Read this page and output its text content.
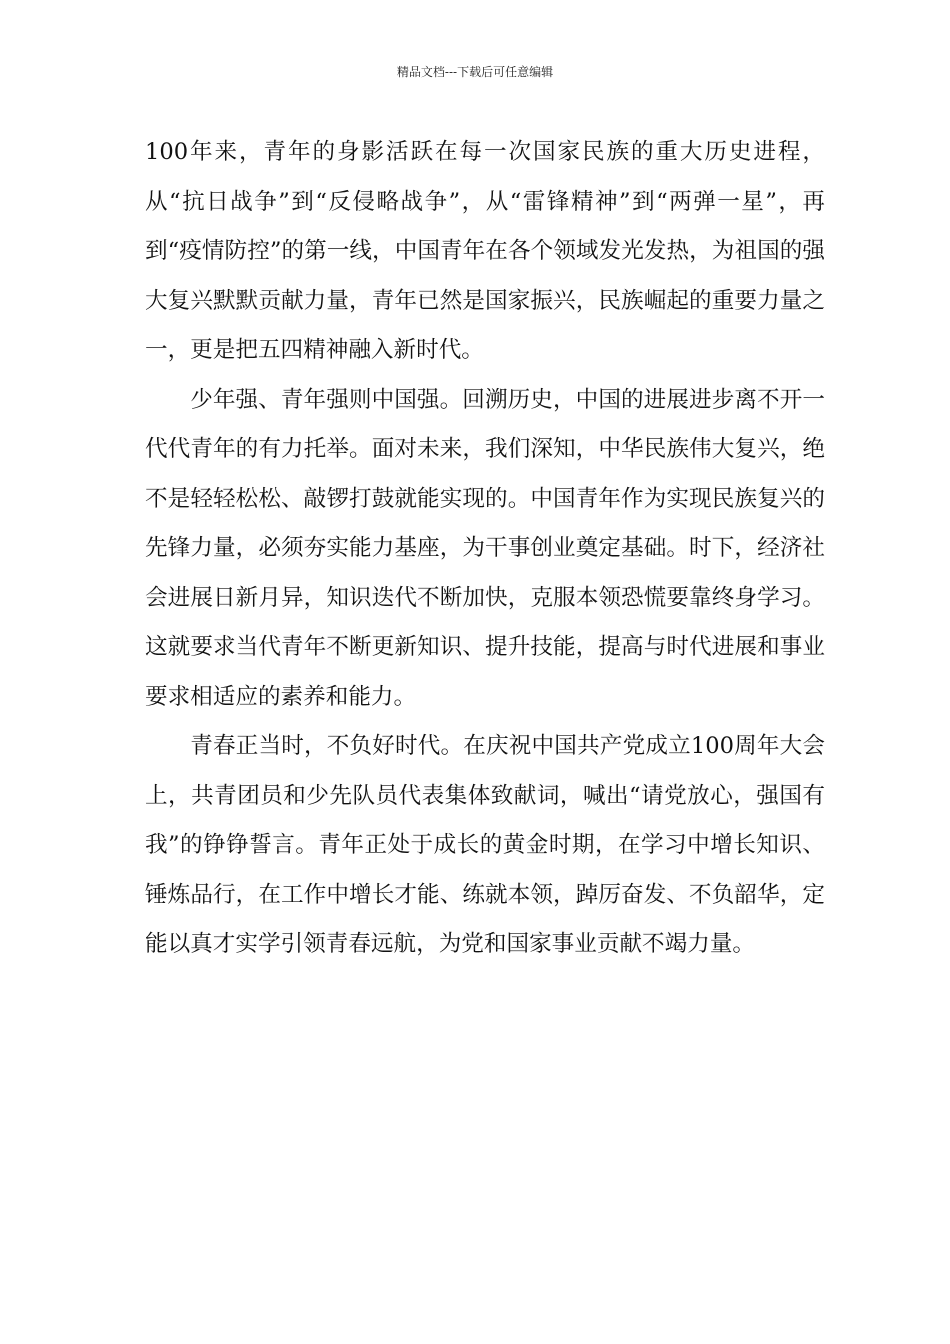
精品文档---下载后可任意编辑

100年来，青年的身影活跃在每一次国家民族的重大历史进程，从“抗日战争”到“反侵略战争”，从“雷锋精神”到“两弹一星”，再到“疫情防控”的第一线，中国青年在各个领域发光发热，为祖国的强大复兴默默贡献力量，青年已然是国家振兴，民族崛起的重要力量之一，更是把五四精神融入新时代。

少年强、青年强则中国强。回溯历史，中国的进展进步离不开一代代青年的有力托举。面对未来，我们深知，中华民族伟大复兴，绝不是轻轻松松、敲锣打鼓就能实现的。中国青年作为实现民族复兴的先锋力量，必须夯实能力基座，为干事创业奠定基础。时下，经济社会进展日新月异，知识迭代不断加快，克服本领恐慌要靠终身学习。这就要求当代青年不断更新知识、提升技能，提高与时代进展和事业要求相适应的素养和能力。

青春正当时，不负好时代。在庆祝中国共产党成立100周年大会上，共青团员和少先队员代表集体致献词，喊出“请党放心，强国有我”的铮铮誓言。青年正处于成长的黄金时期，在学习中增长知识、锤炼品行，在工作中增长才能、练就本领，踔厉奋发、不负韶华，定能以真才实学引领青春远航，为党和国家事业贡献不竭力量。
